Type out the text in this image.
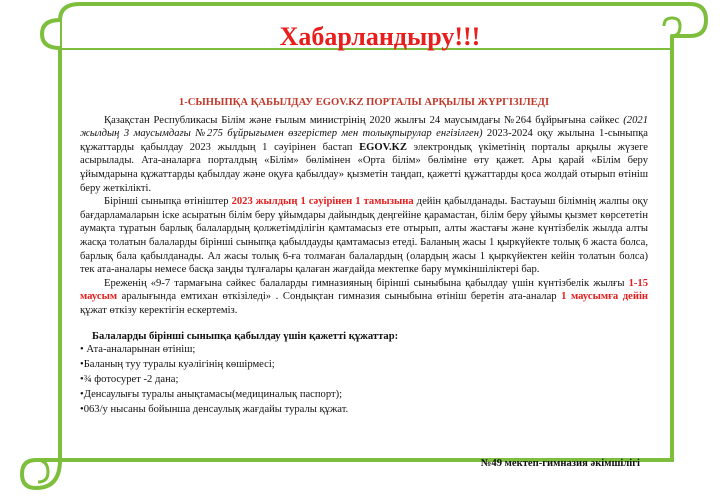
Хабарландыру!!!

1-СЫНЫПҚА ҚАБЫЛДАУ EGOV.KZ ПОРТАЛЫ АРҚЫЛЫ ЖҮРГІЗІЛЕДІ

Қазақстан Республикасы Білім және ғылым министрінің 2020 жылғы 24 маусымдағы №264 бұйрығына сәйкес (2021 жылдың 3 маусымдағы №275 бұйрығымен өзгерістер мен толықтырулар енгізілген) 2023-2024 оқу жылына 1-сыныпқа құжаттарды қабылдау 2023 жылдың 1 сәуірінен бастап EGOV.KZ электрондық үкіметінің порталы арқылы жүзеге асырылады. Ата-аналарға порталдың «Білім» бөлімінен «Орта білім» бөліміне өту қажет. Ары қарай «Білім беру ұйымдарына құжаттарды қабылдау және оқуға қабылдау» қызметін таңдап, қажетті құжаттарды қоса жолдай отырып өтініш беру жеткілікті.

Бірінші сыныпқа өтініштер 2023 жылдың 1 сәуірінен 1 тамызына дейін қабылданады. Бастауыш білімнің жалпы оқу бағдарламаларын іске асыратын білім беру ұйымдары дайындық деңгейіне қарамастан, білім беру ұйымы қызмет көрсететін аумақта тұратын барлық балалардың қолжетімділігін қамтамасыз ете отырып, алты жастағы және күнтізбелік жылда алты жасқа толатын балаларды бірінші сыныпқа қабылдауды қамтамасыз етеді. Баланың жасы 1 қыркүйекте толық 6 жаста болса, барлық бала қабылданады. Ал жасы толық 6-ға толмаған балалардың (олардың жасы 1 қыркүйектен кейін толатын болса) тек ата-аналары немесе басқа заңды тұлғалары қалаған жағдайда мектепке бару мүмкіншіліктері бар.

Ереженің «9-7 тармағына сәйкес балаларды гимназияның бірінші сыныбына қабылдау үшін күнтізбелік жылғы 1-15 маусым аралығында емтихан өткізіледі» . Сондықтан гимназия сыныбына өтініш беретін ата-аналар 1 маусымға дейін құжат өткізу керектігін ескертеміз.

Балаларды бірінші сыныпқа қабылдау үшін қажетті құжаттар:

• Ата-аналарынан өтініш;
•Баланың туу туралы куәлігінің көшірмесі;
•¾ фотосурет -2 дана;
•Денсаулығы туралы анықтамасы(медициналық паспорт);
•063/у нысаны бойынша денсаулық жағдайы туралы құжат.
№49 мектеп-гимназия әкімшілігі
